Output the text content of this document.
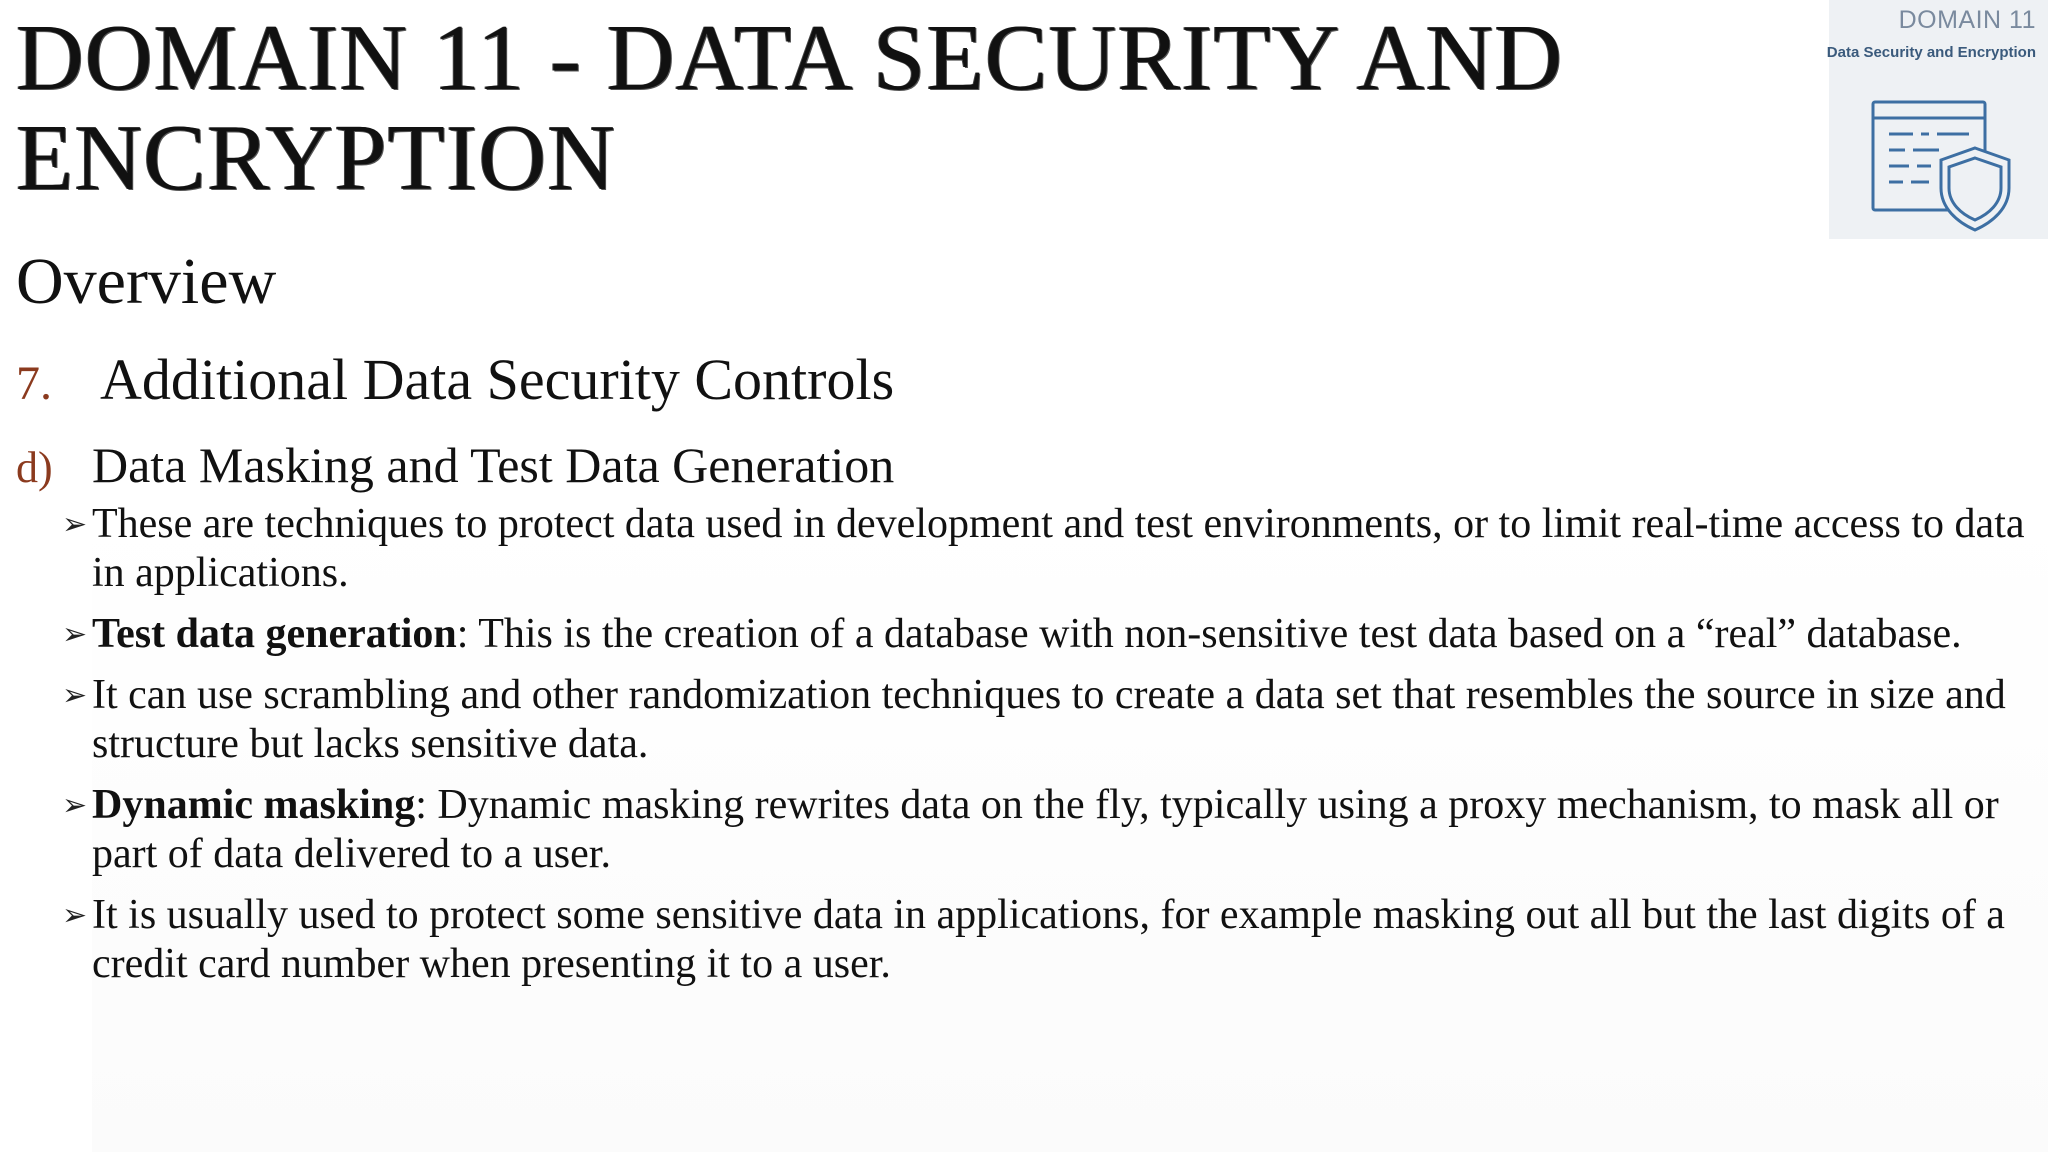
DOMAIN 11 - DATA SECURITY AND ENCRYPTION
DOMAIN 11
Data Security and Encryption
Overview
7. Additional Data Security Controls
d) Data Masking and Test Data Generation
➢ These are techniques to protect data used in development and test environments, or to limit real-time access to data in applications.
➢ Test data generation: This is the creation of a database with non-sensitive test data based on a “real” database.
➢ It can use scrambling and other randomization techniques to create a data set that resembles the source in size and structure but lacks sensitive data.
➢ Dynamic masking: Dynamic masking rewrites data on the fly, typically using a proxy mechanism, to mask all or part of data delivered to a user.
➢ It is usually used to protect some sensitive data in applications, for example masking out all but the last digits of a credit card number when presenting it to a user.
